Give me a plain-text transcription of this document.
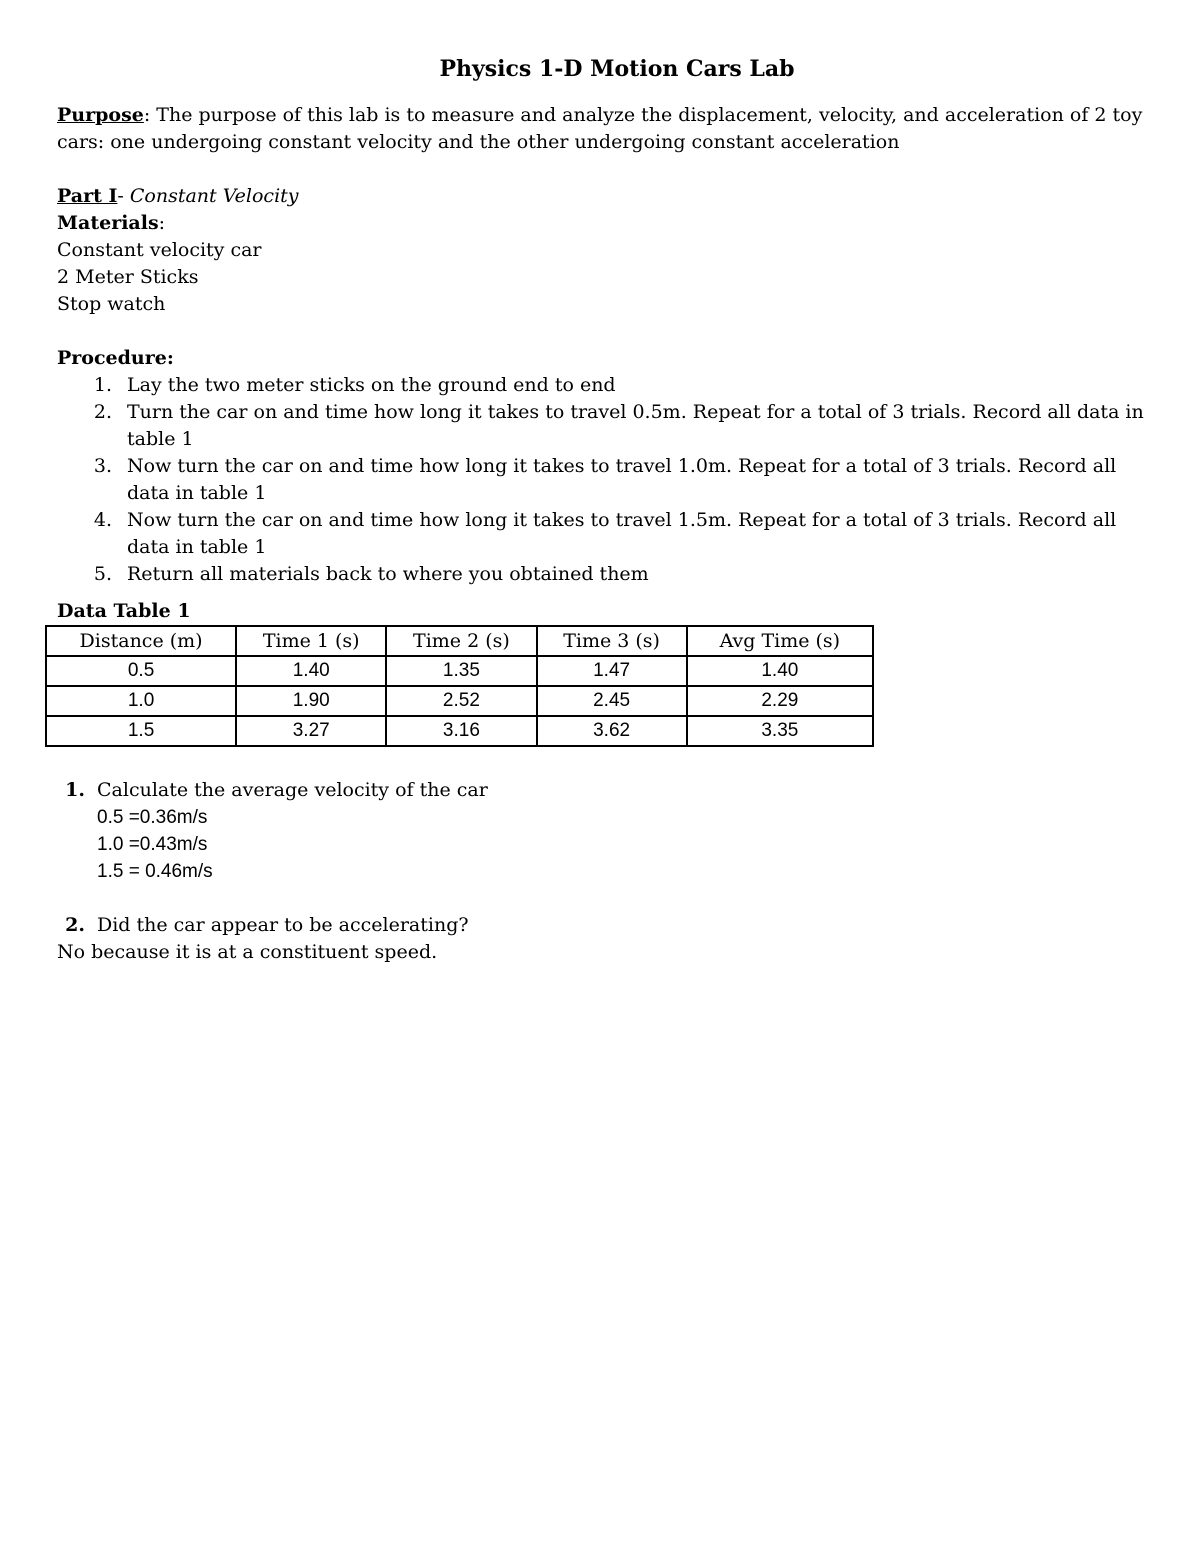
Physics 1-D Motion Cars Lab

Purpose: The purpose of this lab is to measure and analyze the displacement, velocity, and acceleration of 2 toy

cars: one undergoing constant velocity and the other undergoing constant acceleration

Part I- Constant Velocity

Materials:

Constant velocity car

2 Meter Sticks

Stop watch

Procedure:

1. Lay the two meter sticks on the ground end to end
2. Turn the car on and time how long it takes to travel 0.5m. Repeat for a total of 3 trials. Record all data in table 1
3. Now turn the car on and time how long it takes to travel 1.0m. Repeat for a total of 3 trials. Record all data in table 1
4. Now turn the car on and time how long it takes to travel 1.5m. Repeat for a total of 3 trials. Record all data in table 1
5. Return all materials back to where you obtained them
Data Table 1
Distance (m)	Time 1 (s)	Time 2 (s)	Time 3 (s)	Avg Time (s)
0.5	1.40	1.35	1.47	1.40
1.0	1.90	2.52	2.45	2.29
1.5	3.27	3.16	3.62	3.35
1. Calculate the average velocity of the car
0.5 =0.36m/s
1.0 =0.43m/s
1.5 = 0.46m/s
2. Did the car appear to be accelerating?
No because it is at a constituent speed.
